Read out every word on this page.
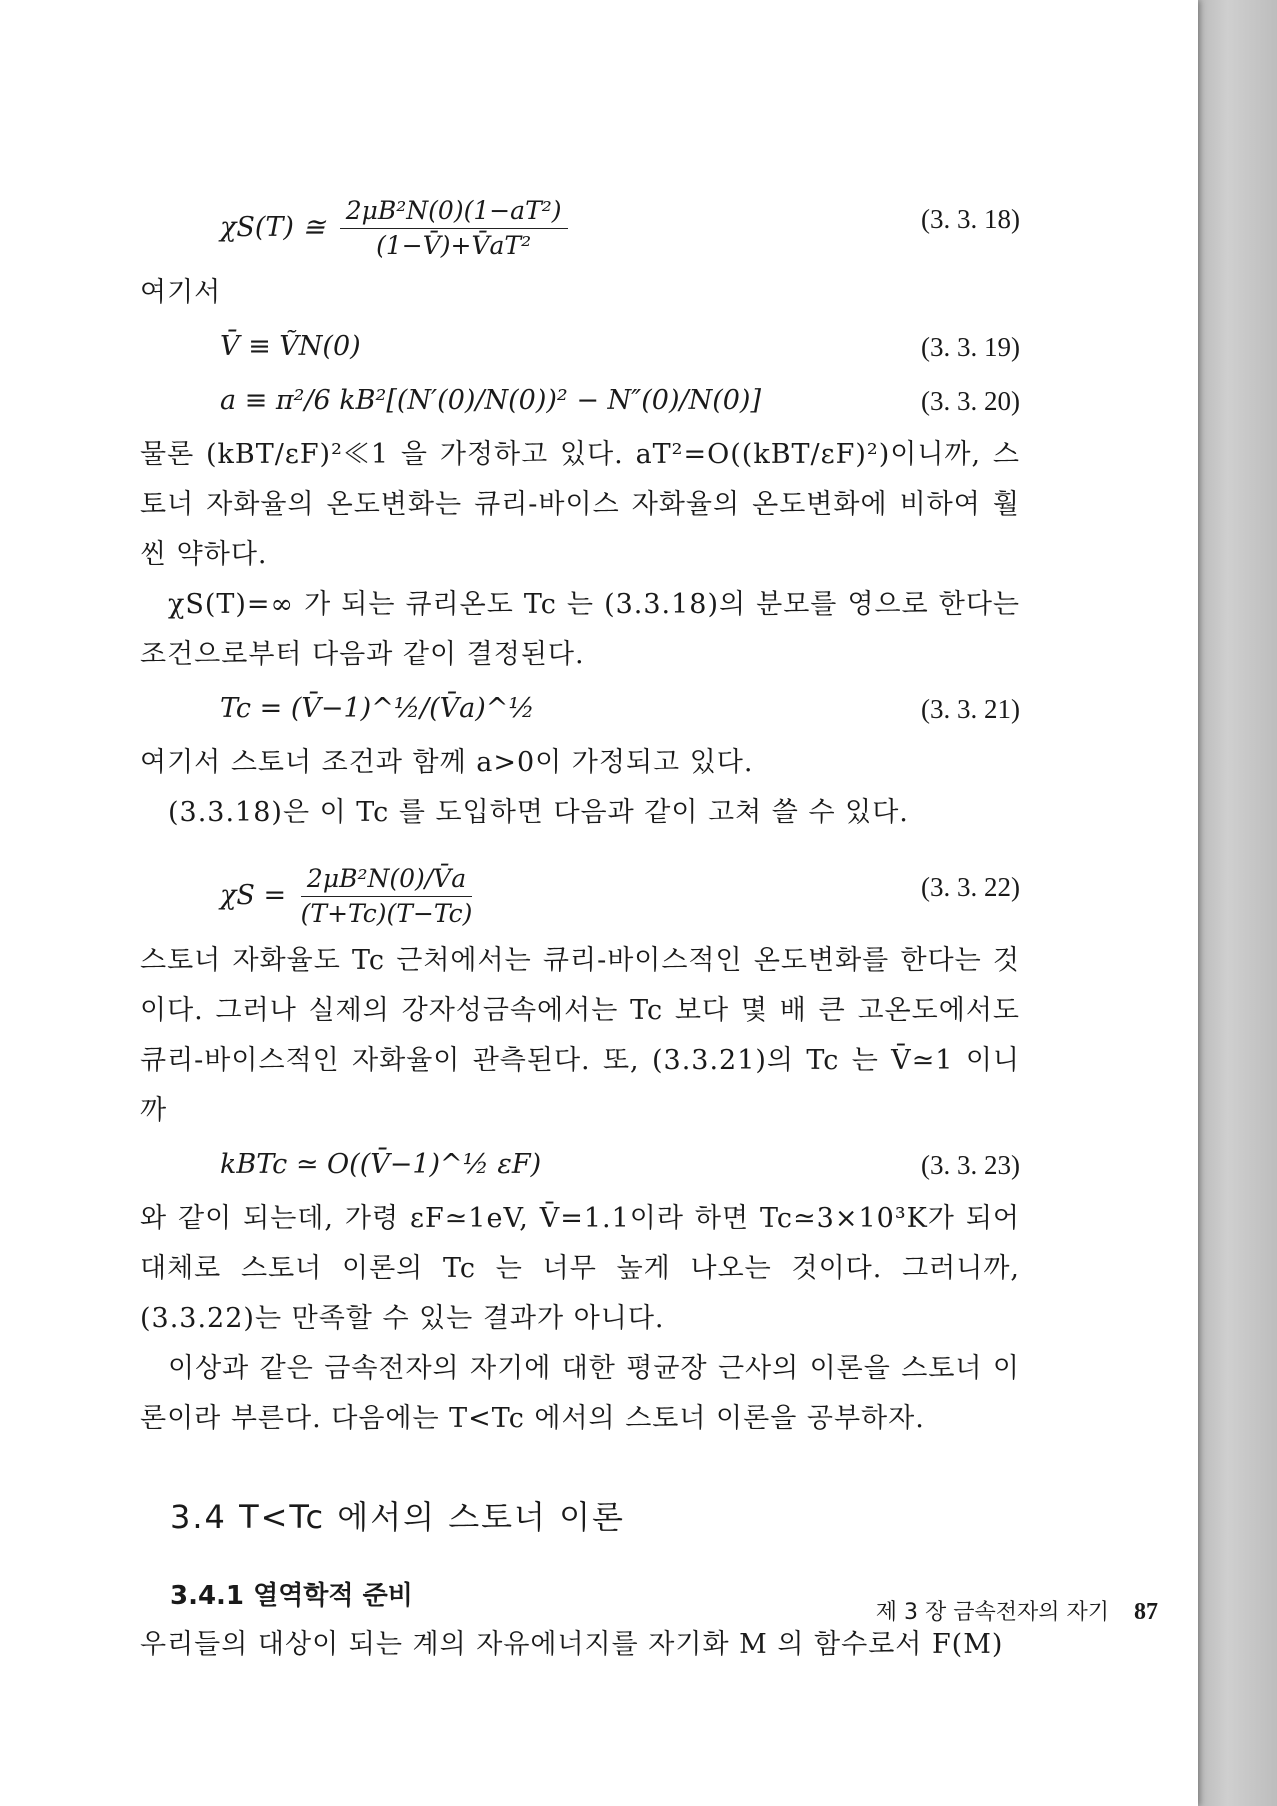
χS(T) ≅ $\frac{\text{2μB²N(0)(1−aT²)}}{\text{(1−V̄)+V̄aT²}}$	(3. 3. 18)

여기서

V̄ ≡ ṼN(0)	(3. 3. 19)
a ≡ π²/6 kB²[(N′(0)/N(0))² − N″(0)/N(0)]	(3. 3. 20)

물론 (kBT/εF)²≪1 을 가정하고 있다. aT²=O((kBT/εF)²)이니까, 스토너 자화율의 온도변화는 큐리-바이스 자화율의 온도변화에 비하여 훨씬 약하다.

χS(T)=∞ 가 되는 큐리온도 Tc 는 (3.3.18)의 분모를 영으로 한다는 조건으로부터 다음과 같이 결정된다.

Tc = (V̄−1)^½/(V̄a)^½	(3. 3. 21)

여기서 스토너 조건과 함께 a>0이 가정되고 있다.

(3.3.18)은 이 Tc 를 도입하면 다음과 같이 고쳐 쓸 수 있다.

$\chi S = \frac{\text{2μB²N(0)/V̄a}}{(T+Tc)(T-Tc)}$	(3. 3. 22)

스토너 자화율도 Tc 근처에서는 큐리-바이스적인 온도변화를 한다는 것이다. 그러나 실제의 강자성금속에서는 Tc 보다 몇 배 큰 고온도에서도 큐리-바이스적인 자화율이 관측된다. 또, (3.3.21)의 Tc 는 V̄≃1 이니까

kBTc ≃ O((V̄−1)^½ εF)	(3. 3. 23)

와 같이 되는데, 가령 εF≃1eV, V̄=1.1이라 하면 Tc≃3×10³K가 되어 대체로 스토너 이론의 Tc 는 너무 높게 나오는 것이다. 그러니까, (3.3.22)는 만족할 수 있는 결과가 아니다.

이상과 같은 금속전자의 자기에 대한 평균장 근사의 이론을 스토너 이론이라 부른다. 다음에는 T<Tc 에서의 스토너 이론을 공부하자.

3.4 T<Tc 에서의 스토너 이론
3.4.1 열역학적 준비

우리들의 대상이 되는 계의 자유에너지를 자기화 M 의 함수로서 F(M)

제 3 장 금속전자의 자기 87
